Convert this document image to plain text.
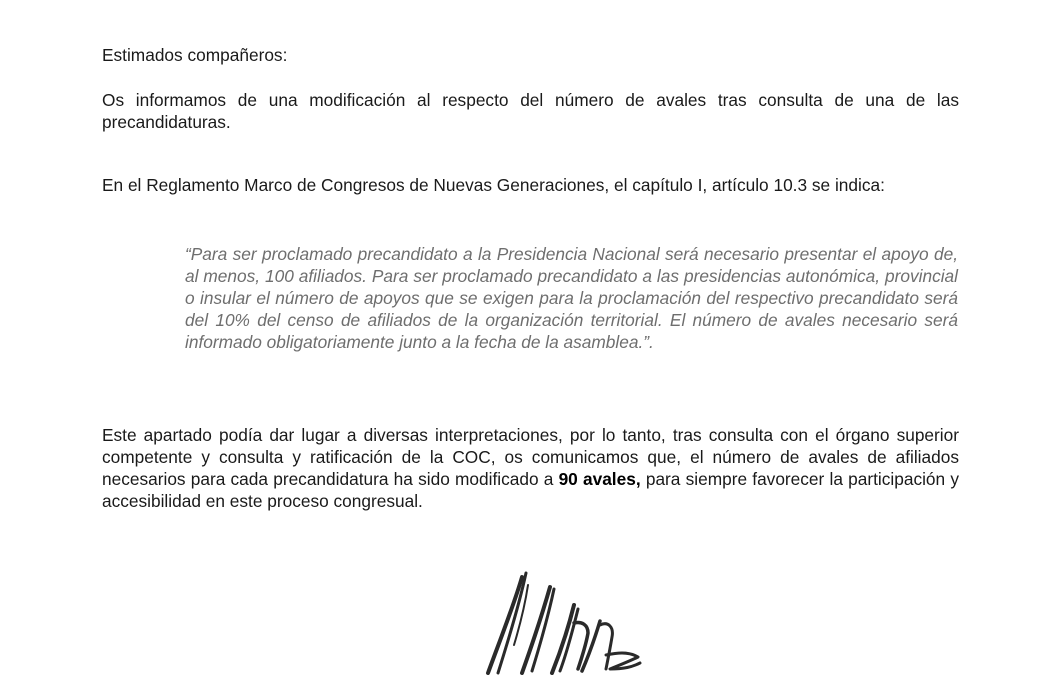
Estimados compañeros:

Os informamos de una modificación al respecto del número de avales tras consulta de una de las precandidaturas.

En el Reglamento Marco de Congresos de Nuevas Generaciones, el capítulo I, artículo 10.3 se indica:

“Para ser proclamado precandidato a la Presidencia Nacional será necesario presentar el apoyo de, al menos, 100 afiliados. Para ser proclamado precandidato a las presidencias autonómica, provincial o insular el número de apoyos que se exigen para la proclamación del respectivo precandidato será del 10% del censo de afiliados de la organización territorial. El número de avales necesario será informado obligatoriamente junto a la fecha de la asamblea.”.

Este apartado podía dar lugar a diversas interpretaciones, por lo tanto, tras consulta con el órgano superior competente y consulta y ratificación de la COC, os comunicamos que, el número de avales de afiliados necesarios para cada precandidatura ha sido modificado a 90 avales, para siempre favorecer la participación y accesibilidad en este proceso congresual.
